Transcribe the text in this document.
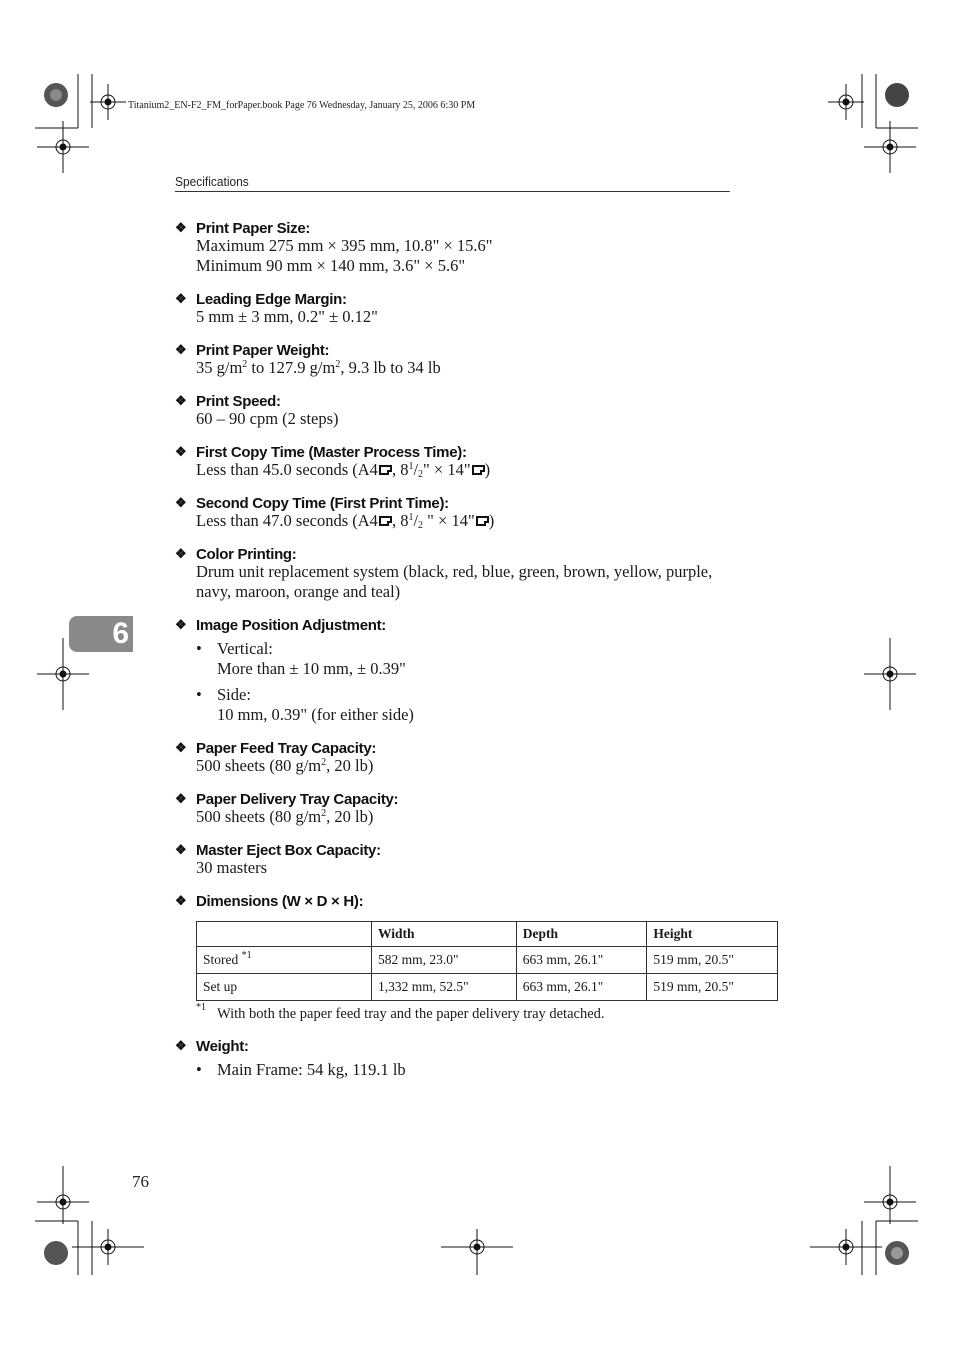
Titanium2_EN-F2_FM_forPaper.book Page 76 Wednesday, January 25, 2006 6:30 PM
Specifications
6
❖ Print Paper Size:
Maximum 275 mm × 395 mm, 10.8" × 15.6"
Minimum 90 mm × 140 mm, 3.6" × 5.6"
❖ Leading Edge Margin:
5 mm ± 3 mm, 0.2" ± 0.12"
❖ Print Paper Weight:
35 $g/m^2$ to 127.9 $g/m^2$, 9.3 lb to 34 lb
❖ Print Speed:
60 – 90 cpm (2 steps)
❖ First Copy Time (Master Process Time):
Less than 45.0 seconds (A4 , $8^1/_2$" × 14" )
❖ Second Copy Time (First Print Time):
Less than 47.0 seconds (A4 , $8^1/_2$ " × 14" )
❖ Color Printing:
Drum unit replacement system (black, red, blue, green, brown, yellow, purple,
navy, maroon, orange and teal)
❖ Image Position Adjustment:
• Vertical:
More than ± 10 mm, ± 0.39"
• Side:
10 mm, 0.39" (for either side)
❖ Paper Feed Tray Capacity:
500 sheets (80 $g/m^2$, 20 lb)
❖ Paper Delivery Tray Capacity:
500 sheets (80 $g/m^2$, 20 lb)
❖ Master Eject Box Capacity:
30 masters
❖ Dimensions (W × D × H):
	Width	Depth	Height
Stored $^{*1}$	582 mm, 23.0"	663 mm, 26.1"	519 mm, 20.5"
Set up	1,332 mm, 52.5"	663 mm, 26.1"	519 mm, 20.5"
*1 With both the paper feed tray and the paper delivery tray detached.
❖ Weight:
• Main Frame: 54 kg, 119.1 lb
76
